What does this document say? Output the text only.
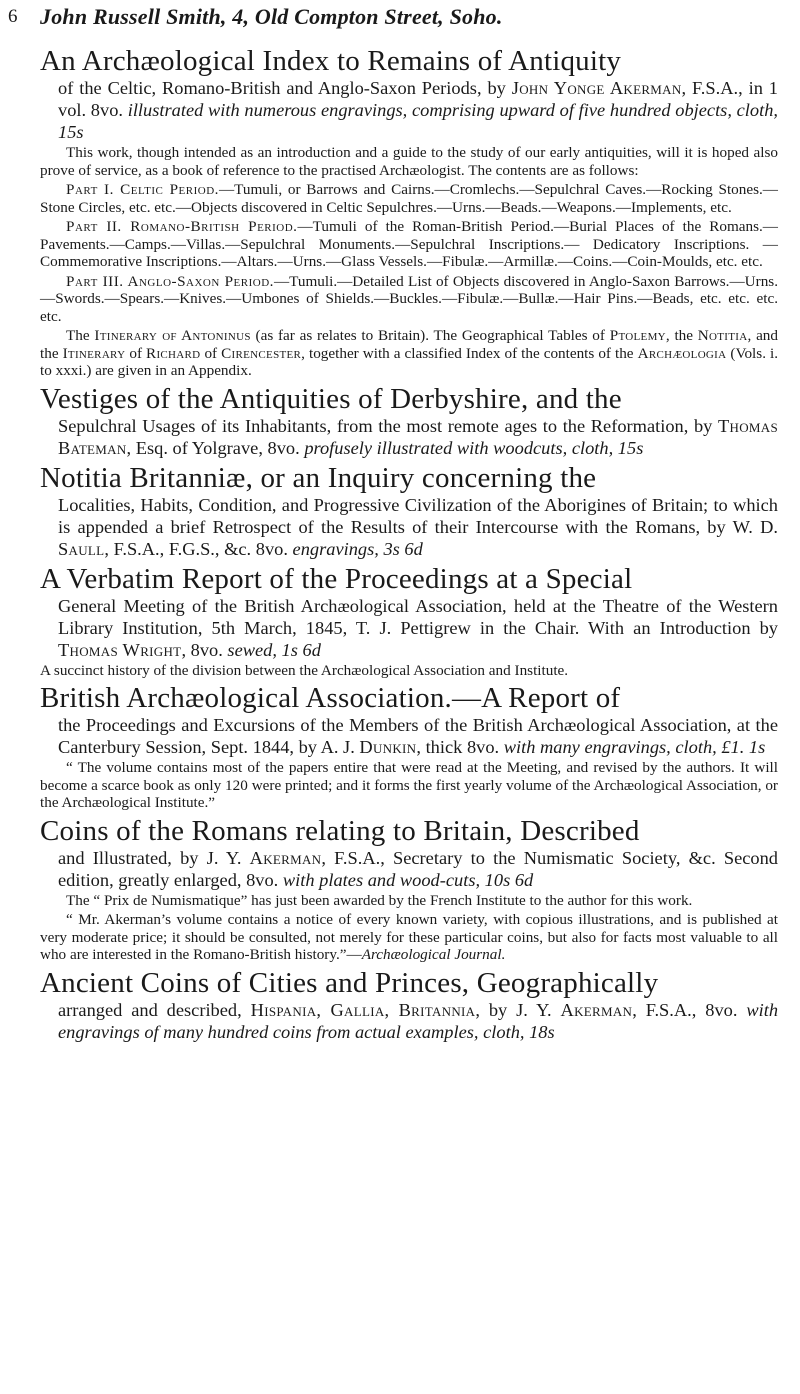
6 John Russell Smith, 4, Old Compton Street, Soho.

An Archæological Index to Remains of Antiquity

of the Celtic, Romano-British and Anglo-Saxon Periods, by John Yonge Akerman, F.S.A., in 1 vol. 8vo. illustrated with numerous engravings, comprising upward of five hundred objects, cloth, 15s

This work, though intended as an introduction and a guide to the study of our early antiquities, will it is hoped also prove of service, as a book of reference to the practised Archæologist. The contents are as follows:

Part I. Celtic Period.—Tumuli, or Barrows and Cairns.—Cromlechs.—Sepulchral Caves.—Rocking Stones.—Stone Circles, etc. etc.—Objects discovered in Celtic Sepulchres.—Urns.—Beads.—Weapons.—Implements, etc.

Part II. Romano-British Period.—Tumuli of the Roman-British Period.—Burial Places of the Romans.—Pavements.—Camps.—Villas.—Sepulchral Monuments.—Sepulchral Inscriptions.— Dedicatory Inscriptions. — Commemorative Inscriptions.—Altars.—Urns.—Glass Vessels.—Fibulæ.—Armillæ.—Coins.—Coin-Moulds, etc. etc.

Part III. Anglo-Saxon Period.—Tumuli.—Detailed List of Objects discovered in Anglo-Saxon Barrows.—Urns.—Swords.—Spears.—Knives.—Umbones of Shields.—Buckles.—Fibulæ.—Bullæ.—Hair Pins.—Beads, etc. etc. etc. etc.

The Itinerary of Antoninus (as far as relates to Britain). The Geographical Tables of Ptolemy, the Notitia, and the Itinerary of Richard of Cirencester, together with a classified Index of the contents of the Archæologia (Vols. i. to xxxi.) are given in an Appendix.

Vestiges of the Antiquities of Derbyshire, and the

Sepulchral Usages of its Inhabitants, from the most remote ages to the Reformation, by Thomas Bateman, Esq. of Yolgrave, 8vo. profusely illustrated with woodcuts, cloth, 15s

Notitia Britanniæ, or an Inquiry concerning the

Localities, Habits, Condition, and Progressive Civilization of the Aborigines of Britain; to which is appended a brief Retrospect of the Results of their Intercourse with the Romans, by W. D. Saull, F.S.A., F.G.S., &c. 8vo. engravings, 3s 6d

A Verbatim Report of the Proceedings at a Special

General Meeting of the British Archæological Association, held at the Theatre of the Western Library Institution, 5th March, 1845, T. J. Pettigrew in the Chair. With an Introduction by Thomas Wright, 8vo. sewed, 1s 6d

A succinct history of the division between the Archæological Association and Institute.

British Archæological Association.—A Report of

the Proceedings and Excursions of the Members of the British Archæological Association, at the Canterbury Session, Sept. 1844, by A. J. Dunkin, thick 8vo. with many engravings, cloth, £1. 1s

“ The volume contains most of the papers entire that were read at the Meeting, and revised by the authors. It will become a scarce book as only 120 were printed; and it forms the first yearly volume of the Archæological Association, or the Archæological Institute.”

Coins of the Romans relating to Britain, Described

and Illustrated, by J. Y. Akerman, F.S.A., Secretary to the Numismatic Society, &c. Second edition, greatly enlarged, 8vo. with plates and wood-cuts, 10s 6d

The “ Prix de Numismatique” has just been awarded by the French Institute to the author for this work.

“ Mr. Akerman’s volume contains a notice of every known variety, with copious illustrations, and is published at very moderate price; it should be consulted, not merely for these particular coins, but also for facts most valuable to all who are interested in the Romano-British history.”—Archæological Journal.

Ancient Coins of Cities and Princes, Geographically

arranged and described, Hispania, Gallia, Britannia, by J. Y. Akerman, F.S.A., 8vo. with engravings of many hundred coins from actual examples, cloth, 18s
